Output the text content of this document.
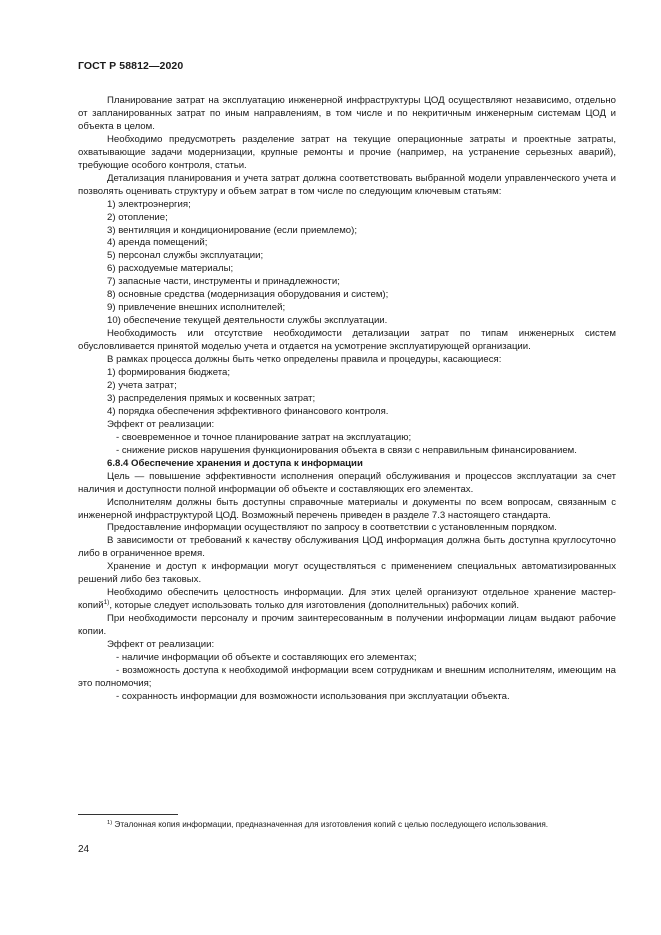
ГОСТ Р 58812—2020

Планирование затрат на эксплуатацию инженерной инфраструктуры ЦОД осуществляют независимо, отдельно от запланированных затрат по иным направлениям, в том числе и по некритичным инженерным системам ЦОД и объекта в целом.

Необходимо предусмотреть разделение затрат на текущие операционные затраты и проектные затраты, охватывающие задачи модернизации, крупные ремонты и прочие (например, на устранение серьезных аварий), требующие особого контроля, статьи.

Детализация планирования и учета затрат должна соответствовать выбранной модели управленческого учета и позволять оценивать структуру и объем затрат в том числе по следующим ключевым статьям:

1) электроэнергия;

2) отопление;

3) вентиляция и кондиционирование (если приемлемо);

4) аренда помещений;

5) персонал службы эксплуатации;

6) расходуемые материалы;

7) запасные части, инструменты и принадлежности;

8) основные средства (модернизация оборудования и систем);

9) привлечение внешних исполнителей;

10) обеспечение текущей деятельности службы эксплуатации.

Необходимость или отсутствие необходимости детализации затрат по типам инженерных систем обусловливается принятой моделью учета и отдается на усмотрение эксплуатирующей организации.

В рамках процесса должны быть четко определены правила и процедуры, касающиеся:

1) формирования бюджета;

2) учета затрат;

3) распределения прямых и косвенных затрат;

4) порядка обеспечения эффективного финансового контроля.

Эффект от реализации:

- своевременное и точное планирование затрат на эксплуатацию;

- снижение рисков нарушения функционирования объекта в связи с неправильным финансированием.

6.8.4 Обеспечение хранения и доступа к информации

Цель — повышение эффективности исполнения операций обслуживания и процессов эксплуатации за счет наличия и доступности полной информации об объекте и составляющих его элементах.

Исполнителям должны быть доступны справочные материалы и документы по всем вопросам, связанным с инженерной инфраструктурой ЦОД. Возможный перечень приведен в разделе 7.3 настоящего стандарта.

Предоставление информации осуществляют по запросу в соответствии с установленным порядком.

В зависимости от требований к качеству обслуживания ЦОД информация должна быть доступна круглосуточно либо в ограниченное время.

Хранение и доступ к информации могут осуществляться с применением специальных автоматизированных решений либо без таковых.

Необходимо обеспечить целостность информации. Для этих целей организуют отдельное хранение мастер-копий$^{1)}$, которые следует использовать только для изготовления (дополнительных) рабочих копий.

При необходимости персоналу и прочим заинтересованным в получении информации лицам выдают рабочие копии.

Эффект от реализации:

- наличие информации об объекте и составляющих его элементах;

- возможность доступа к необходимой информации всем сотрудникам и внешним исполнителям, имеющим на это полномочия;

- сохранность информации для возможности использования при эксплуатации объекта.

$^{1)}$ Эталонная копия информации, предназначенная для изготовления копий с целью последующего использования.

24
